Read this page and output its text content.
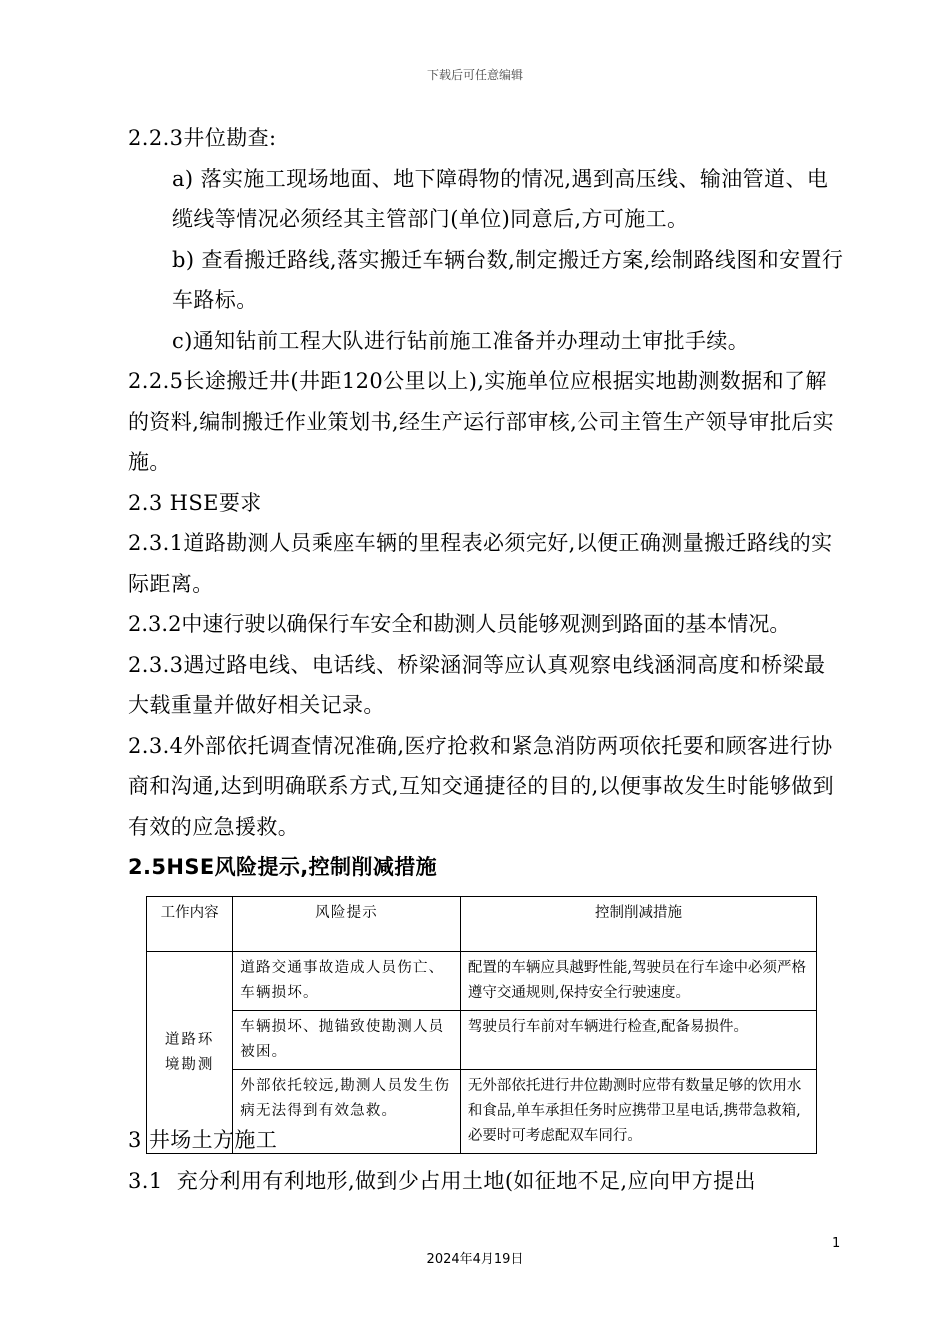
下载后可任意编辑

2.2.3井位勘查:

a) 落实施工现场地面、地下障碍物的情况,遇到高压线、输油管道、电缆线等情况必须经其主管部门(单位)同意后,方可施工。

b) 查看搬迁路线,落实搬迁车辆台数,制定搬迁方案,绘制路线图和安置行车路标。

c)通知钻前工程大队进行钻前施工准备并办理动土审批手续。

2.2.5长途搬迁井(井距120公里以上),实施单位应根据实地勘测数据和了解的资料,编制搬迁作业策划书,经生产运行部审核,公司主管生产领导审批后实施。

2.3 HSE要求

2.3.1道路勘测人员乘座车辆的里程表必须完好,以便正确测量搬迁路线的实际距离。

2.3.2中速行驶以确保行车安全和勘测人员能够观测到路面的基本情况。

2.3.3遇过路电线、电话线、桥梁涵洞等应认真观察电线涵洞高度和桥梁最大载重量并做好相关记录。

2.3.4外部依托调查情况准确,医疗抢救和紧急消防两项依托要和顾客进行协商和沟通,达到明确联系方式,互知交通捷径的目的,以便事故发生时能够做到有效的应急援救。

2.5HSE风险提示,控制削减措施

工作内容	风险提示	控制削减措施
道路环境勘测	道路交通事故造成人员伤亡、车辆损坏。	配置的车辆应具越野性能,驾驶员在行车途中必须严格遵守交通规则,保持安全行驶速度。
	车辆损坏、抛锚致使勘测人员被困。	驾驶员行车前对车辆进行检查,配备易损件。
	外部依托较远,勘测人员发生伤病无法得到有效急救。	无外部依托进行井位勘测时应带有数量足够的饮用水和食品,单车承担任务时应携带卫星电话,携带急救箱,必要时可考虑配双车同行。

3 井场土方施工

3.1  充分利用有利地形,做到少占用土地(如征地不足,应向甲方提出

1
2024年4月19日
